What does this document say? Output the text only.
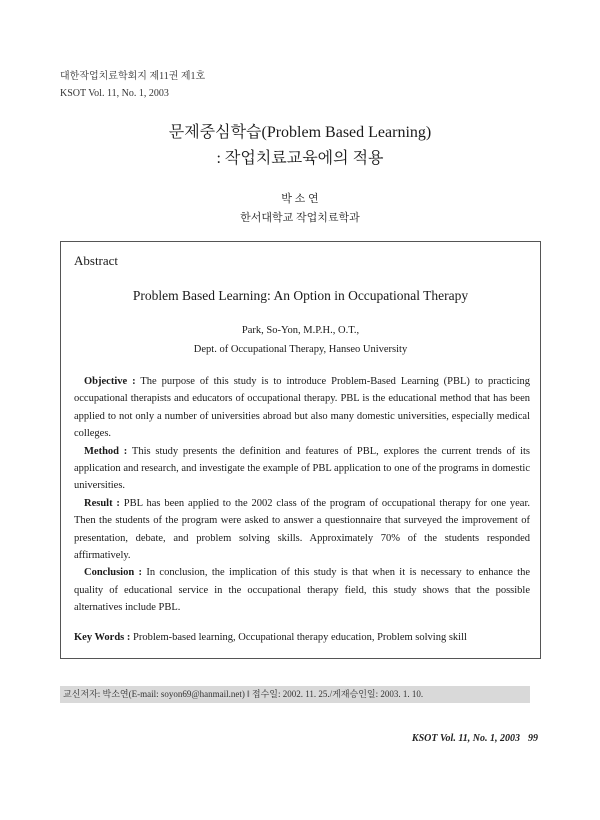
대한작업치료학회지 제11권 제1호
KSOT Vol. 11, No. 1, 2003
문제중심학습(Problem Based Learning)
: 작업치료교육에의 적용
박 소 연
한서대학교 작업치료학과
Abstract
Problem Based Learning: An Option in Occupational Therapy
Park, So-Yon, M.P.H., O.T.,
Dept. of Occupational Therapy, Hanseo University

Objective : The purpose of this study is to introduce Problem-Based Learning (PBL) to practicing occupational therapists and educators of occupational therapy. PBL is the educational method that has been applied to not only a number of universities abroad but also many domestic universities, especially medical colleges.

Method : This study presents the definition and features of PBL, explores the current trends of its application and research, and investigate the example of PBL application to one of the programs in domestic universities.

Result : PBL has been applied to the 2002 class of the program of occupational therapy for one year. Then the students of the program were asked to answer a questionnaire that surveyed the improvement of presentation, debate, and problem solving skills. Approximately 70% of the students responded affirmatively.

Conclusion : In conclusion, the implication of this study is that when it is necessary to enhance the quality of educational service in the occupational therapy field, this study shows that the possible alternatives include PBL.

Key Words : Problem-based learning, Occupational therapy education, Problem solving skill
교신저자: 박소연(E-mail: soyon69@hanmail.net) ‖ 접수일: 2002. 11. 25./게재승인일: 2003. 1. 10.
KSOT Vol. 11, No. 1, 2003 99
